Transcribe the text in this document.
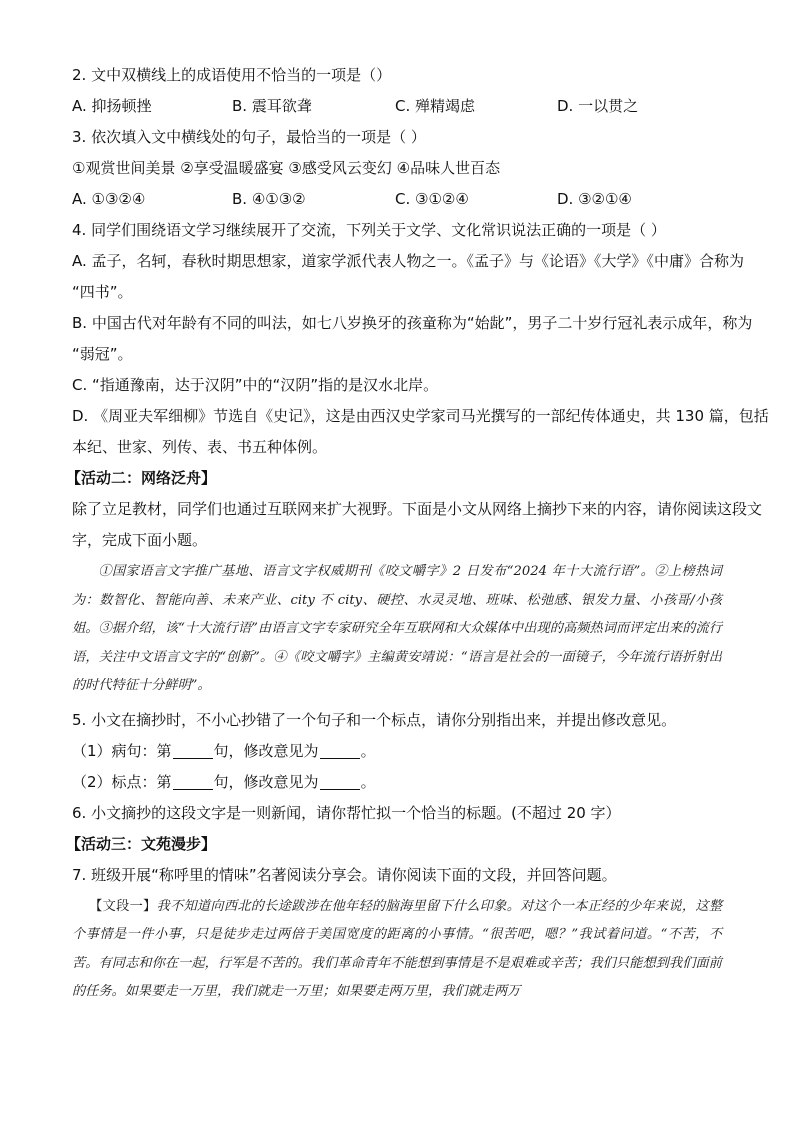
2. 文中双横线上的成语使用不恰当的一项是（）
A. 抑扬顿挫	B. 震耳欲聋	C. 殚精竭虑	D. 一以贯之
3. 依次填入文中横线处的句子，最恰当的一项是（ ）
①观赏世间美景 ②享受温暖盛宴 ③感受风云变幻 ④品味人世百态
A. ①③②④	B. ④①③②	C. ③①②④	D. ③②①④
4. 同学们围绕语文学习继续展开了交流，下列关于文学、文化常识说法正确的一项是（ ）
A. 孟子，名轲，春秋时期思想家，道家学派代表人物之一。《孟子》与《论语》《大学》《中庸》合称为
“四书”。
B. 中国古代对年龄有不同的叫法，如七八岁换牙的孩童称为“始龀”，男子二十岁行冠礼表示成年，称为
“弱冠”。
C. “指通豫南，达于汉阴”中的“汉阴”指的是汉水北岸。
D. 《周亚夫军细柳》节选自《史记》，这是由西汉史学家司马光撰写的一部纪传体通史，共 130 篇，包括
本纪、世家、列传、表、书五种体例。
【活动二：网络泛舟】
除了立足教材，同学们也通过互联网来扩大视野。下面是小文从网络上摘抄下来的内容，请你阅读这段文
字，完成下面小题。

①国家语言文字推广基地、语言文字权威期刊《咬文嚼字》2 日发布“2024 年十大流行语”。②上榜热词为：数智化、智能向善、未来产业、city 不 city、硬控、水灵灵地、班味、松弛感、银发力量、小孩哥/小孩姐。③据介绍，该“十大流行语”由语言文字专家研究全年互联网和大众媒体中出现的高频热词而评定出来的流行语，关注中文语言文字的“创新”。④《咬文嚼字》主编黄安靖说：“语言是社会的一面镜子，今年流行语折射出的时代特征十分鲜明”。

5. 小文在摘抄时，不小心抄错了一个句子和一个标点，请你分别指出来，并提出修改意见。
（1）病句：第	句，修改意见为	。
（2）标点：第	句，修改意见为	。
6. 小文摘抄的这段文字是一则新闻，请你帮忙拟一个恰当的标题。(不超过 20 字）
【活动三：文苑漫步】
7. 班级开展“称呼里的情味”名著阅读分享会。请你阅读下面的文段，并回答问题。

【文段一】我不知道向西北的长途跋涉在他年轻的脑海里留下什么印象。对这个一本正经的少年来说，这整个事情是一件小事，只是徒步走过两倍于美国宽度的距离的小事情。“很苦吧，嗯？”我试着问道。“不苦，不苦。有同志和你在一起，行军是不苦的。我们革命青年不能想到事情是不是艰难或辛苦；我们只能想到我们面前的任务。如果要走一万里，我们就走一万里；如果要走两万里，我们就走两万
